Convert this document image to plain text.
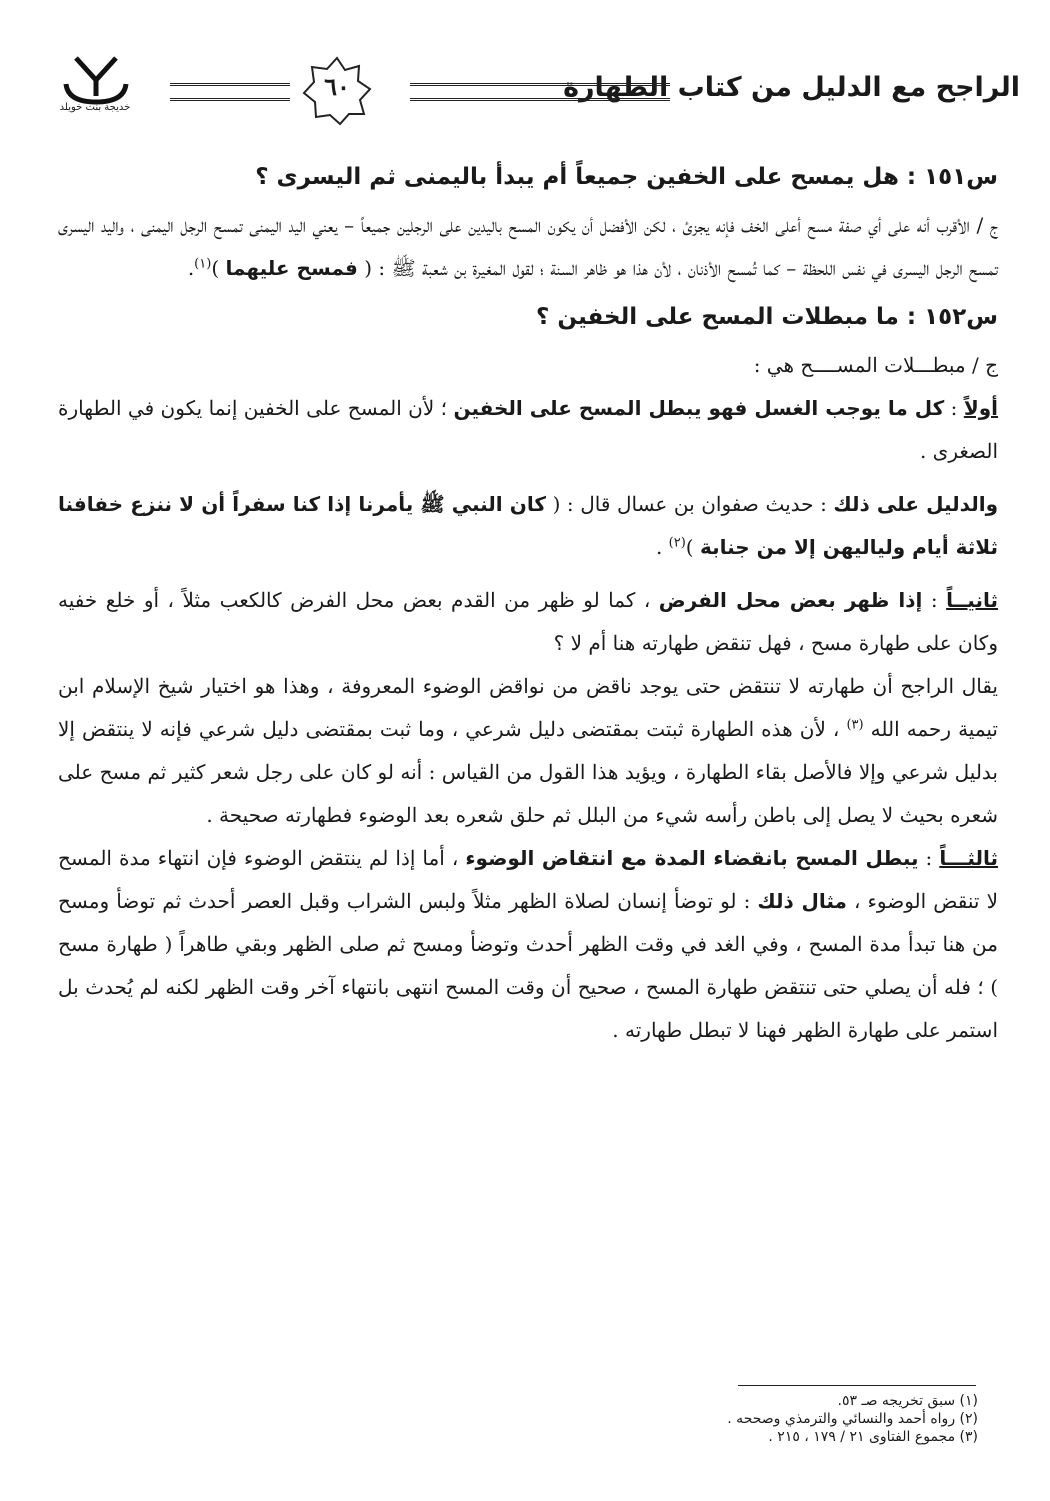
الراجح مع الدليل من كتاب الطهارة
٦٠
خديجة بنت خويلد
س١٥١ : هل يمسح على الخفين جميعاً أم يبدأ باليمنى ثم اليسرى ؟

ج / الأقرب أنه على أي صفة مسح أعلى الخف فإنه يجزئ ، لكن الأفضل أن يكون المسح باليدين على الرجلين جميعاً – يعني اليد اليمنى تمسح الرجل اليمنى ، واليد اليسرى تمسح الرجل اليسرى في نفس اللحظة – كما تُمسح الأذنان ، لأن هذا هو ظاهر السنة ؛ لقول المغيرة بن شعبة ﷺ : ( فمسح عليهما )$^{(١)}$.

س١٥٢ : ما مبطلات المسح على الخفين ؟

ج / مبطـــلات المســــح هي :

أولاً : كل ما يوجب الغسل فهو يبطل المسح على الخفين ؛ لأن المسح على الخفين إنما يكون في الطهارة الصغرى .

والدليل على ذلك : حديث صفوان بن عسال قال : ( كان النبي ﷺ يأمرنا إذا كنا سفراً أن لا ننزع خفافنا ثلاثة أيام ولياليهن إلا من جنابة )$^{(٢)}$ .

ثانيــاً : إذا ظهر بعض محل الفرض ، كما لو ظهر من القدم بعض محل الفرض كالكعب مثلاً ، أو خلع خفيه وكان على طهارة مسح ، فهل تنقض طهارته هنا أم لا ؟

يقال الراجح أن طهارته لا تنتقض حتى يوجد ناقض من نواقض الوضوء المعروفة ، وهذا هو اختيار شيخ الإسلام ابن تيمية رحمه الله $^{(٣)}$ ، لأن هذه الطهارة ثبتت بمقتضى دليل شرعي ، وما ثبت بمقتضى دليل شرعي فإنه لا ينتقض إلا بدليل شرعي وإلا فالأصل بقاء الطهارة ، ويؤيد هذا القول من القياس : أنه لو كان على رجل شعر كثير ثم مسح على شعره بحيث لا يصل إلى باطن رأسه شيء من البلل ثم حلق شعره بعد الوضوء فطهارته صحيحة .

ثالثـــاً : يبطل المسح بانقضاء المدة مع انتقاض الوضوء ، أما إذا لم ينتقض الوضوء فإن انتهاء مدة المسح لا تنقض الوضوء ، مثال ذلك : لو توضأ إنسان لصلاة الظهر مثلاً ولبس الشراب وقبل العصر أحدث ثم توضأ ومسح من هنا تبدأ مدة المسح ، وفي الغد في وقت الظهر أحدث وتوضأ ومسح ثم صلى الظهر وبقي طاهراً ( طهارة مسح ) ؛ فله أن يصلي حتى تنتقض طهارة المسح ، صحيح أن وقت المسح انتهى بانتهاء آخر وقت الظهر لكنه لم يُحدث بل استمر على طهارة الظهر فهنا لا تبطل طهارته .

(١) سبق تخريجه صـ ٥٣.
(٢) رواه أحمد والنسائي والترمذي وصححه .
(٣) مجموع الفتاوى ٢١ / ١٧٩ ، ٢١٥ .
